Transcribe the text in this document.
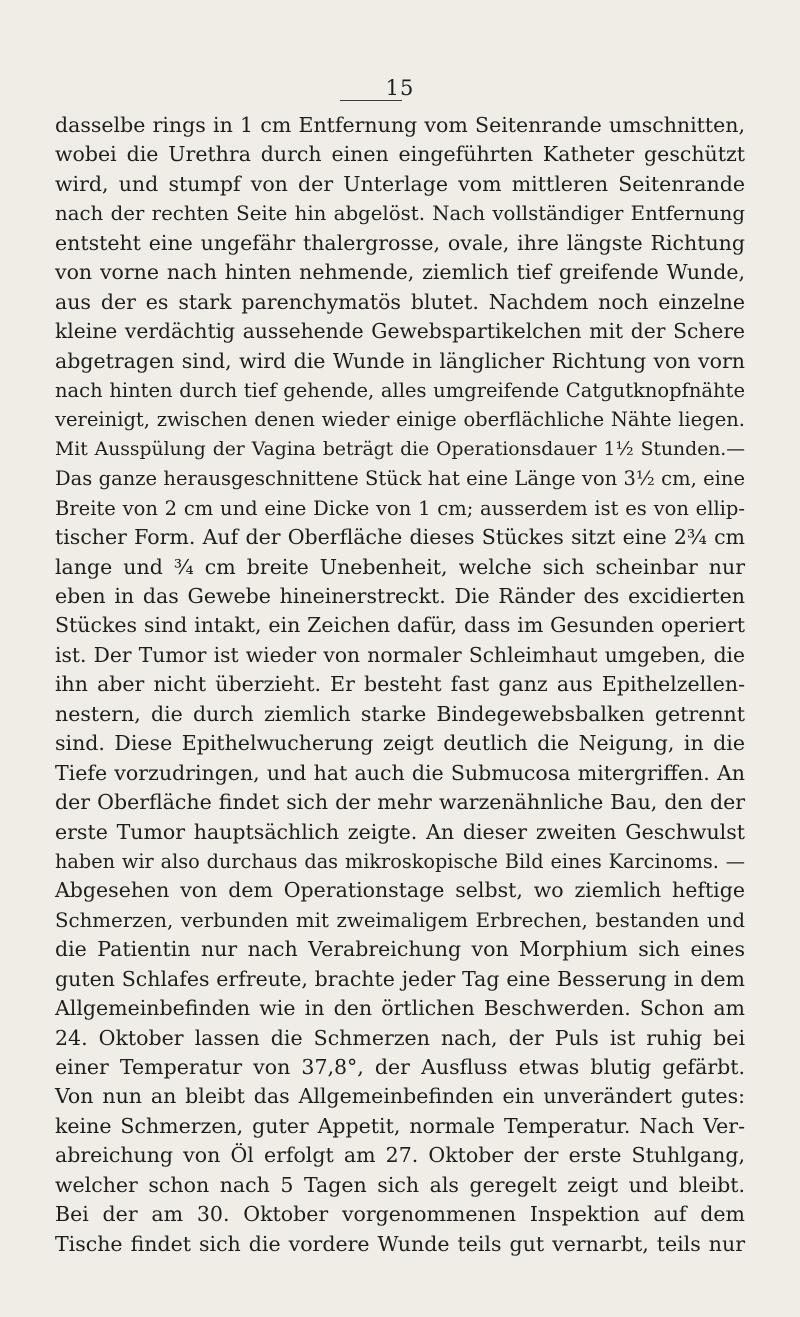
15
dasselbe rings in 1 cm Entfernung vom Seitenrande umschnitten,
wobei die Urethra durch einen eingeführten Katheter geschützt
wird, und stumpf von der Unterlage vom mittleren Seitenrande
nach der rechten Seite hin abgelöst. Nach vollständiger Entfernung
entsteht eine ungefähr thalergrosse, ovale, ihre längste Richtung
von vorne nach hinten nehmende, ziemlich tief greifende Wunde,
aus der es stark parenchymatös blutet. Nachdem noch einzelne
kleine verdächtig aussehende Gewebspartikelchen mit der Schere
abgetragen sind, wird die Wunde in länglicher Richtung von vorn
nach hinten durch tief gehende, alles umgreifende Catgutknopfnähte
vereinigt, zwischen denen wieder einige oberflächliche Nähte liegen.
Mit Ausspülung der Vagina beträgt die Operationsdauer 1½ Stunden.—
Das ganze herausgeschnittene Stück hat eine Länge von 3½ cm, eine
Breite von 2 cm und eine Dicke von 1 cm; ausserdem ist es von ellip-
tischer Form. Auf der Oberfläche dieses Stückes sitzt eine 2¾ cm
lange und ¾ cm breite Unebenheit, welche sich scheinbar nur
eben in das Gewebe hineinerstreckt. Die Ränder des excidierten
Stückes sind intakt, ein Zeichen dafür, dass im Gesunden operiert
ist. Der Tumor ist wieder von normaler Schleimhaut umgeben, die
ihn aber nicht überzieht. Er besteht fast ganz aus Epithelzellen-
nestern, die durch ziemlich starke Bindegewebsbalken getrennt
sind. Diese Epithelwucherung zeigt deutlich die Neigung, in die
Tiefe vorzudringen, und hat auch die Submucosa mitergriffen. An
der Oberfläche findet sich der mehr warzenähnliche Bau, den der
erste Tumor hauptsächlich zeigte. An dieser zweiten Geschwulst
haben wir also durchaus das mikroskopische Bild eines Karcinoms. —
Abgesehen von dem Operationstage selbst, wo ziemlich heftige
Schmerzen, verbunden mit zweimaligem Erbrechen, bestanden und
die Patientin nur nach Verabreichung von Morphium sich eines
guten Schlafes erfreute, brachte jeder Tag eine Besserung in dem
Allgemeinbefinden wie in den örtlichen Beschwerden. Schon am
24. Oktober lassen die Schmerzen nach, der Puls ist ruhig bei
einer Temperatur von 37,8°, der Ausfluss etwas blutig gefärbt.
Von nun an bleibt das Allgemeinbefinden ein unverändert gutes:
keine Schmerzen, guter Appetit, normale Temperatur. Nach Ver-
abreichung von Öl erfolgt am 27. Oktober der erste Stuhlgang,
welcher schon nach 5 Tagen sich als geregelt zeigt und bleibt.
Bei der am 30. Oktober vorgenommenen Inspektion auf dem
Tische findet sich die vordere Wunde teils gut vernarbt, teils nur
